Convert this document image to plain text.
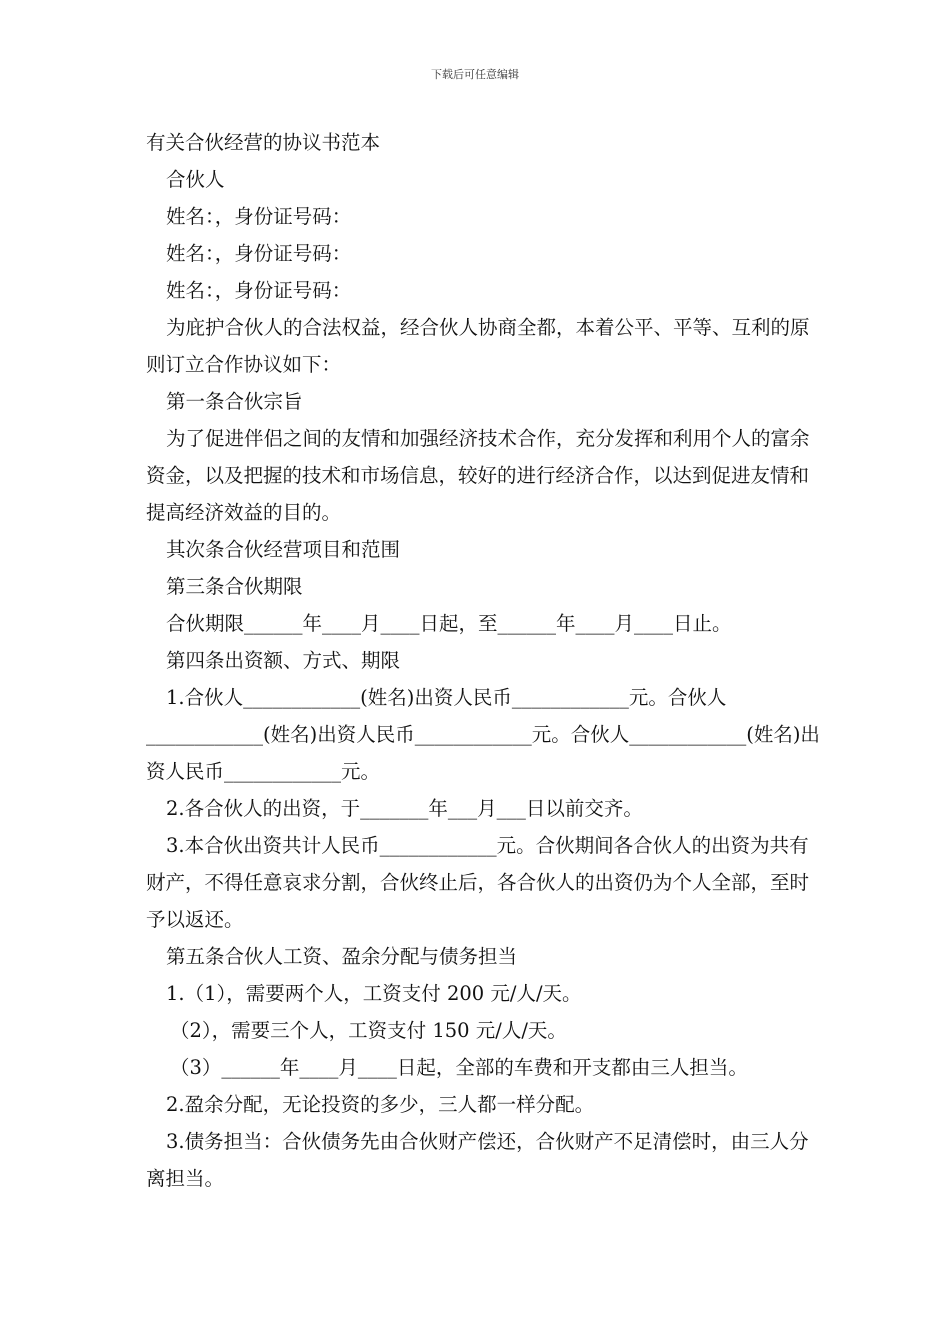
下载后可任意编辑

有关合伙经营的协议书范本

合伙人

姓名：，身份证号码：

姓名：，身份证号码：

姓名：，身份证号码：

为庇护合伙人的合法权益，经合伙人协商全都，本着公平、平等、互利的原则订立合作协议如下：

第一条合伙宗旨

为了促进伴侣之间的友情和加强经济技术合作，充分发挥和利用个人的富余资金，以及把握的技术和市场信息，较好的进行经济合作，以达到促进友情和提高经济效益的目的。

其次条合伙经营项目和范围

第三条合伙期限

合伙期限______年____月____日起，至______年____月____日止。

第四条出资额、方式、期限

1.合伙人____________(姓名)出资人民币____________元。合伙人____________(姓名)出资人民币____________元。合伙人____________(姓名)出资人民币____________元。

2.各合伙人的出资，于_______年___月___日以前交齐。

3.本合伙出资共计人民币____________元。合伙期间各合伙人的出资为共有财产，不得任意哀求分割，合伙终止后，各合伙人的出资仍为个人全部，至时予以返还。

第五条合伙人工资、盈余分配与债务担当

1.（1），需要两个人，工资支付 200 元/人/天。

（2），需要三个人，工资支付 150 元/人/天。

（3）______年____月____日起，全部的车费和开支都由三人担当。

2.盈余分配，无论投资的多少，三人都一样分配。

3.债务担当：合伙债务先由合伙财产偿还，合伙财产不足清偿时，由三人分离担当。
